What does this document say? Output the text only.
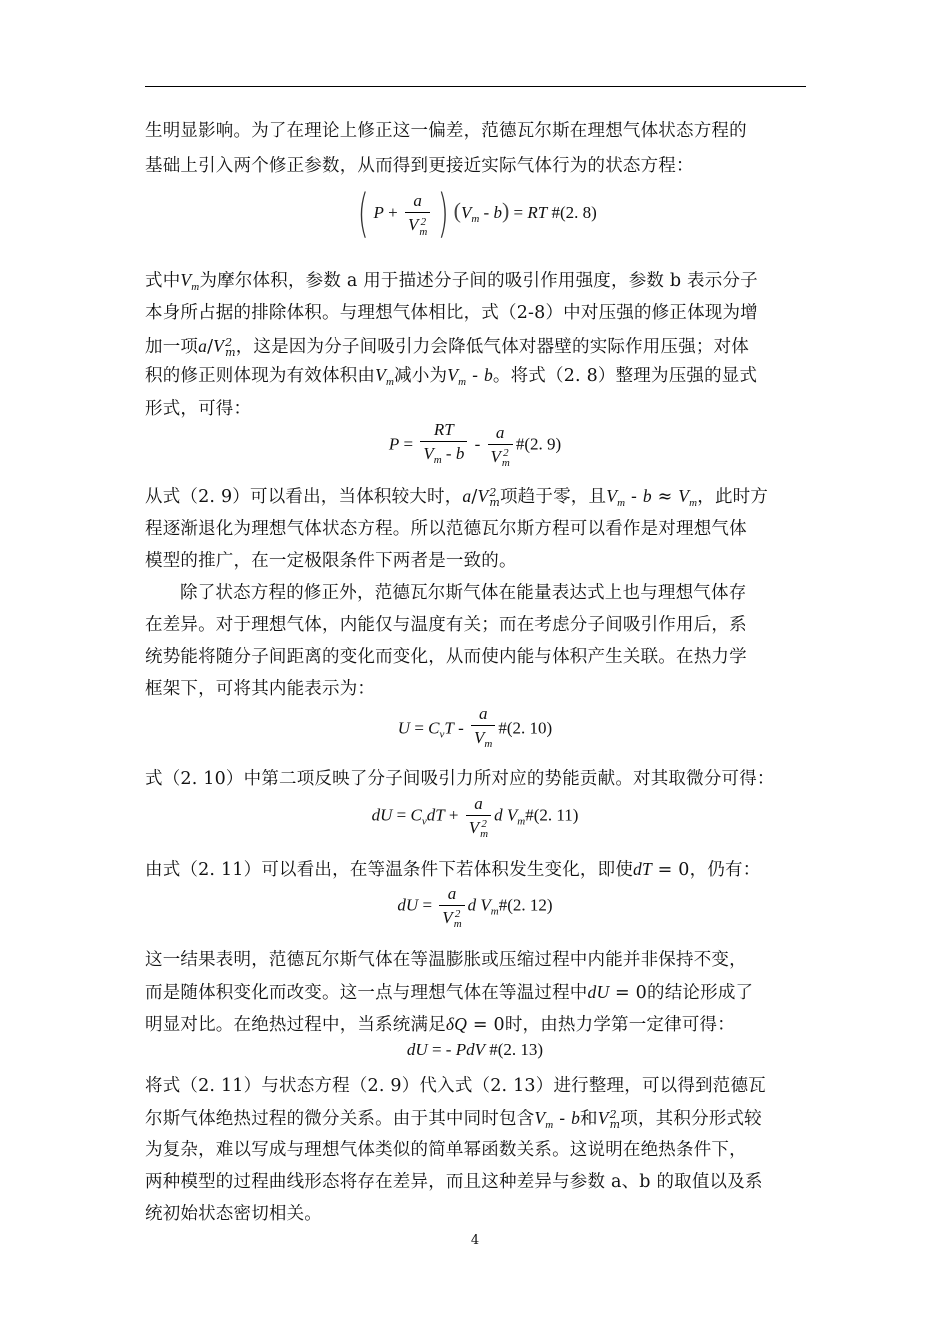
生明显影响。为了在理论上修正这一偏差，范德瓦尔斯在理想气体状态方程的
基础上引入两个修正参数，从而得到更接近实际气体行为的状态方程：
( P + a
V 2
m ) $(V_m - b)$ = RT #(2. 8)
式中$V_m$为摩尔体积，参数 a 用于描述分子间的吸引作用强度，参数 b 表示分子
本身所占据的排除体积。与理想气体相比，式（2-8）中对压强的修正体现为增
加一项a/V 2
m ，这是因为分子间吸引力会降低气体对器壁的实际作用压强；对体
积的修正则体现为有效体积由$V_m$减小为$V_m$ - b。将式（2. 8）整理为压强的显式
形式，可得：
$P = \frac{RT}{V_m - b} - a$
V 2
m #(2. 9)
从式（2. 9）可以看出，当体积较大时，a/V 2
m 项趋于零，且$V_m - b \approx V_m$，此时方
程逐渐退化为理想气体状态方程。所以范德瓦尔斯方程可以看作是对理想气体
模型的推广，在一定极限条件下两者是一致的。
除了状态方程的修正外，范德瓦尔斯气体在能量表达式上也与理想气体存
在差异。对于理想气体，内能仅与温度有关；而在考虑分子间吸引作用后，系
统势能将随分子间距离的变化而变化，从而使内能与体积产生关联。在热力学
框架下，可将其内能表示为：
$U = C_vT - \frac{a}{V_m}$ #(2. 10)
式（2. 10）中第二项反映了分子间吸引力所对应的势能贡献。对其取微分可得：
dU = $C_vdT + a$
V 2
m d $V_m\#(2$. 11)
由式（2. 11）可以看出，在等温条件下若体积发生变化，即使dT = 0，仍有：
dU = a
V 2
m d $V_m\#(2$. 12)
这一结果表明，范德瓦尔斯气体在等温膨胀或压缩过程中内能并非保持不变，
而是随体积变化而改变。这一点与理想气体在等温过程中dU = 0的结论形成了
明显对比。在绝热过程中，当系统满足δQ = 0时，由热力学第一定律可得：
dU = - PdV #(2. 13)
将式（2. 11）与状态方程（2. 9）代入式（2. 13）进行整理，可以得到范德瓦
尔斯气体绝热过程的微分关系。由于其中同时包含$V_m$ - b和V 2
m 项，其积分形式较
为复杂，难以写成与理想气体类似的简单幂函数关系。这说明在绝热条件下，
两种模型的过程曲线形态将存在差异，而且这种差异与参数 a、b 的取值以及系
统初始状态密切相关。
4
